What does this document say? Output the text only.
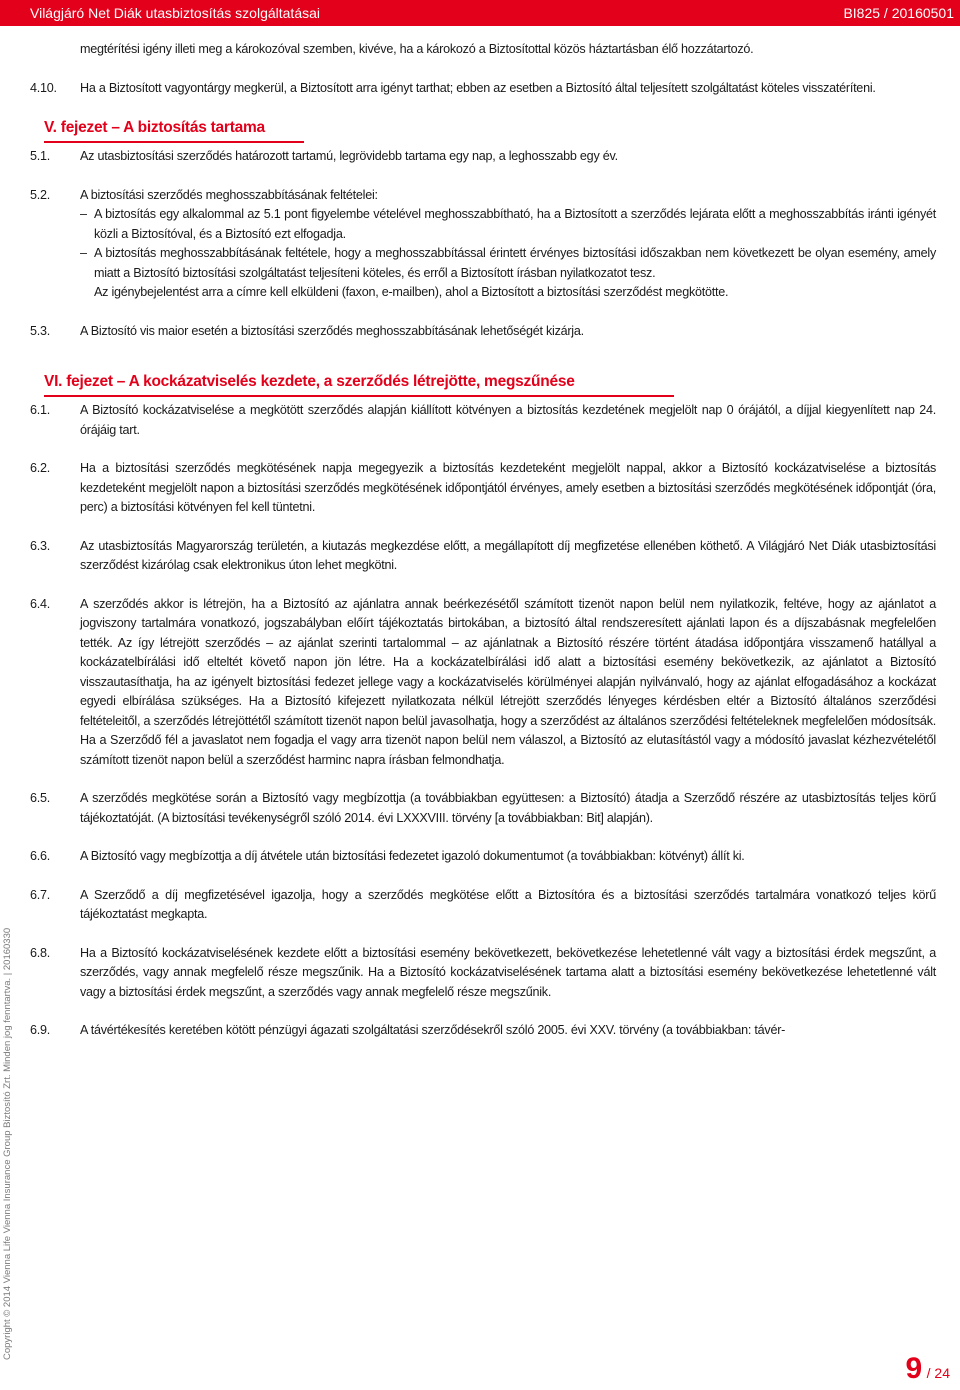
Világjáró Net Diák utasbiztosítás szolgáltatásai	BI825 / 20160501
Copyright © 2014 Vienna Life Vienna Insurance Group Biztosító Zrt. Minden jog fenntartva. | 20160330
megtérítési igény illeti meg a károkozóval szemben, kivéve, ha a károkozó a Biztosítottal közös háztartásban élő hozzátartozó.
4.10. Ha a Biztosított vagyontárgy megkerül, a Biztosított arra igényt tarthat; ebben az esetben a Biztosító által teljesített szolgáltatást köteles visszatéríteni.
V. fejezet – A biztosítás tartama
5.1. Az utasbiztosítási szerződés határozott tartamú, legrövidebb tartama egy nap, a leghosszabb egy év.
5.2. A biztosítási szerződés meghosszabbításának feltételei:
– A biztosítás egy alkalommal az 5.1 pont figyelembe vételével meghosszabbítható, ha a Biztosított a szerződés lejárata előtt a meghosszabbítás iránti igényét közli a Biztosítóval, és a Biztosító ezt elfogadja.
– A biztosítás meghosszabbításának feltétele, hogy a meghosszabbítással érintett érvényes biztosítási időszakban nem következett be olyan esemény, amely miatt a Biztosító biztosítási szolgáltatást teljesíteni köteles, és erről a Biztosított írásban nyilatkozatot tesz.
Az igénybejelentést arra a címre kell elküldeni (faxon, e-mailben), ahol a Biztosított a biztosítási szerződést megkötötte.
5.3. A Biztosító vis maior esetén a biztosítási szerződés meghosszabbításának lehetőségét kizárja.
VI. fejezet – A kockázatviselés kezdete, a szerződés létrejötte, megszűnése
6.1. A Biztosító kockázatviselése a megkötött szerződés alapján kiállított kötvényen a biztosítás kezdetének megjelölt nap 0 órájától, a díjjal kiegyenlített nap 24. órájáig tart.
6.2. Ha a biztosítási szerződés megkötésének napja megegyezik a biztosítás kezdeteként megjelölt nappal, akkor a Biztosító kockázatviselése a biztosítás kezdeteként megjelölt napon a biztosítási szerződés megkötésének időpontjától érvényes, amely esetben a biztosítási szerződés megkötésének időpontját (óra, perc) a biztosítási kötvényen fel kell tüntetni.
6.3. Az utasbiztosítás Magyarország területén, a kiutazás megkezdése előtt, a megállapított díj megfizetése ellenében köthető. A Világjáró Net Diák utasbiztosítási szerződést kizárólag csak elektronikus úton lehet megkötni.
6.4. A szerződés akkor is létrejön, ha a Biztosító az ajánlatra annak beérkezésétől számított tizenöt napon belül nem nyilatkozik, feltéve, hogy az ajánlatot a jogviszony tartalmára vonatkozó, jogszabályban előírt tájékoztatás birtokában, a biztosító által rendszeresített ajánlati lapon és a díjszabásnak megfelelően tették. Az így létrejött szerződés – az ajánlat szerinti tartalommal – az ajánlatnak a Biztosító részére történt átadása időpontjára visszamenő hatállyal a kockázatelbírálási idő elteltét követő napon jön létre. Ha a kockázatelbírálási idő alatt a biztosítási esemény bekövetkezik, az ajánlatot a Biztosító visszautasíthatja, ha az igényelt biztosítási fedezet jellege vagy a kockázatviselés körülményei alapján nyilvánvaló, hogy az ajánlat elfogadásához a kockázat egyedi elbírálása szükséges. Ha a Biztosító kifejezett nyilatkozata nélkül létrejött szerződés lényeges kérdésben eltér a Biztosító általános szerződési feltételeitől, a szerződés létrejöttétől számított tizenöt napon belül javasolhatja, hogy a szerződést az általános szerződési feltételeknek megfelelően módosítsák. Ha a Szerződő fél a javaslatot nem fogadja el vagy arra tizenöt napon belül nem válaszol, a Biztosító az elutasítástól vagy a módosító javaslat kézhezvételétől számított tizenöt napon belül a szerződést harminc napra írásban felmondhatja.
6.5. A szerződés megkötése során a Biztosító vagy megbízottja (a továbbiakban együttesen: a Biztosító) átadja a Szerződő részére az utasbiztosítás teljes körű tájékoztatóját. (A biztosítási tevékenységről szóló 2014. évi LXXXVIII. törvény [a továbbiakban: Bit] alapján).
6.6. A Biztosító vagy megbízottja a díj átvétele után biztosítási fedezetet igazoló dokumentumot (a továbbiakban: kötvényt) állít ki.
6.7. A Szerződő a díj megfizetésével igazolja, hogy a szerződés megkötése előtt a Biztosítóra és a biztosítási szerződés tartalmára vonatkozó teljes körű tájékoztatást megkapta.
6.8. Ha a Biztosító kockázatviselésének kezdete előtt a biztosítási esemény bekövetkezett, bekövetkezése lehetetlenné vált vagy a biztosítási érdek megszűnt, a szerződés, vagy annak megfelelő része megszűnik. Ha a Biztosító kockázatviselésének tartama alatt a biztosítási esemény bekövetkezése lehetetlenné vált vagy a biztosítási érdek megszűnt, a szerződés vagy annak megfelelő része megszűnik.
6.9. A távértékesítés keretében kötött pénzügyi ágazati szolgáltatási szerződésekről szóló 2005. évi XXV. törvény (a továbbiakban: távér-
9 / 24
